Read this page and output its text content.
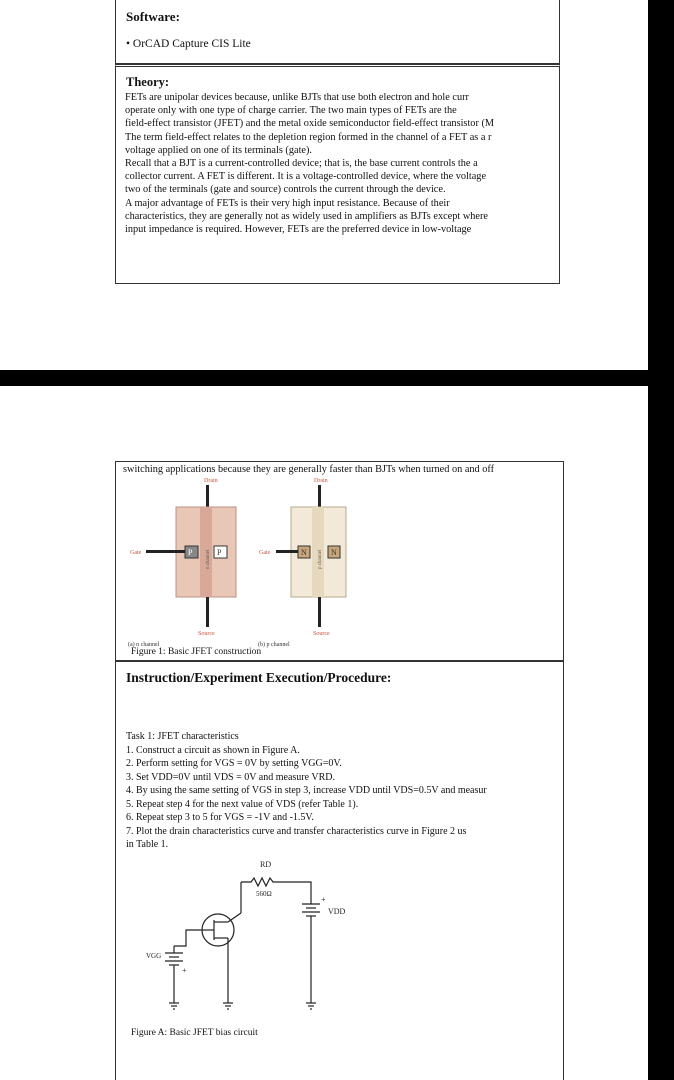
Software:
• OrCAD Capture CIS Lite
Theory:
FETs are unipolar devices because, unlike BJTs that use both electron and hole curr
operate only with one type of charge carrier. The two main types of FETs are the
field-effect transistor (JFET) and the metal oxide semiconductor field-effect transistor (M
The term field-effect relates to the depletion region formed in the channel of a FET as a r
voltage applied on one of its terminals (gate).
Recall that a BJT is a current-controlled device; that is, the base current controls the a
collector current. A FET is different. It is a voltage-controlled device, where the voltage
two of the terminals (gate and source) controls the current through the device.
A major advantage of FETs is their very high input resistance. Because of their
characteristics, they are generally not as widely used in amplifiers as BJTs except where
input impedance is required. However, FETs are the preferred device in low-voltage
switching applications because they are generally faster than BJTs when turned on and off
Drain
n channel
P	P
Gate
Source
(a) n channel
Drain
p channel
N	N
Gate
Source
(b) p channel
Figure 1: Basic JFET construction
Instruction/Experiment Execution/Procedure:
Task 1: JFET characteristics
1. Construct a circuit as shown in Figure A.
2. Perform setting for VGS = 0V by setting VGG=0V.
3. Set VDD=0V until VDS = 0V and measure VRD.
4. By using the same setting of VGS in step 3, increase VDD until VDS=0.5V and measur
5. Repeat step 4 for the next value of VDS (refer Table 1).
6. Repeat step 3 to 5 for VGS = -1V and -1.5V.
7. Plot the drain characteristics curve and transfer characteristics curve in Figure 2 us
in Table 1.
RD
560Ω
VGG
+
+
VDD
Figure A: Basic JFET bias circuit
